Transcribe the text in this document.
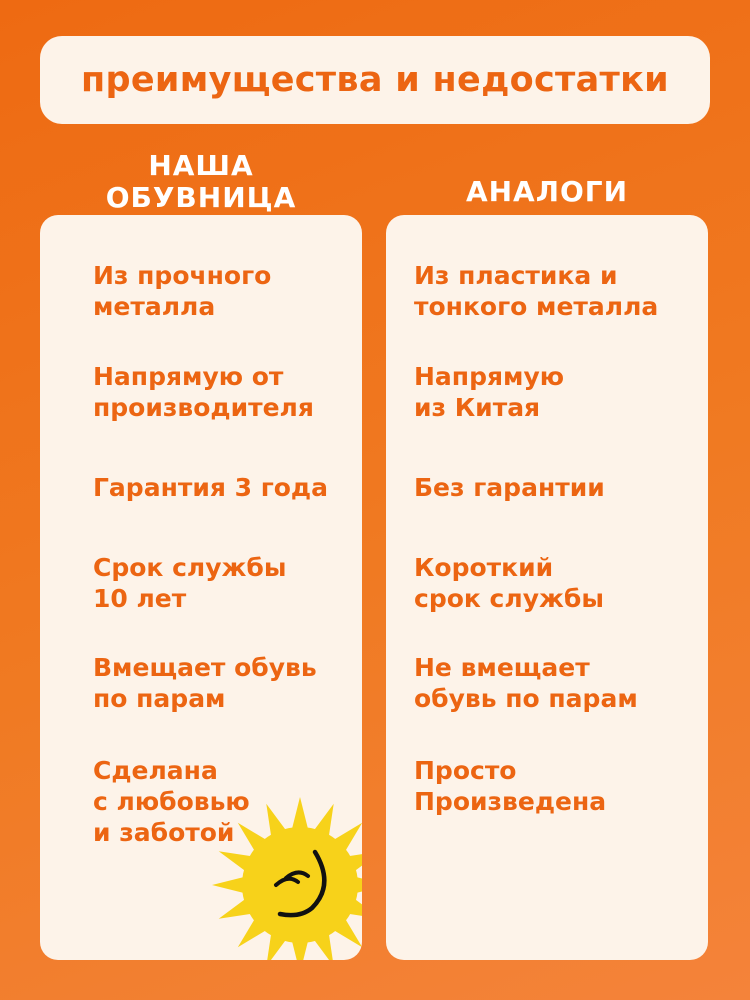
преимущества и недостатки
НАША
ОБУВНИЦА	АНАЛОГИ
Из прочного
металла
Напрямую от
производителя
Гарантия 3 года
Срок службы
10 лет
Вмещает обувь
по парам
Сделана
с любовью
и заботой
Из пластика и
тонкого металла
Напрямую
из Китая
Без гарантии
Короткий
срок службы
Не вмещает
обувь по парам
Просто
Произведена
